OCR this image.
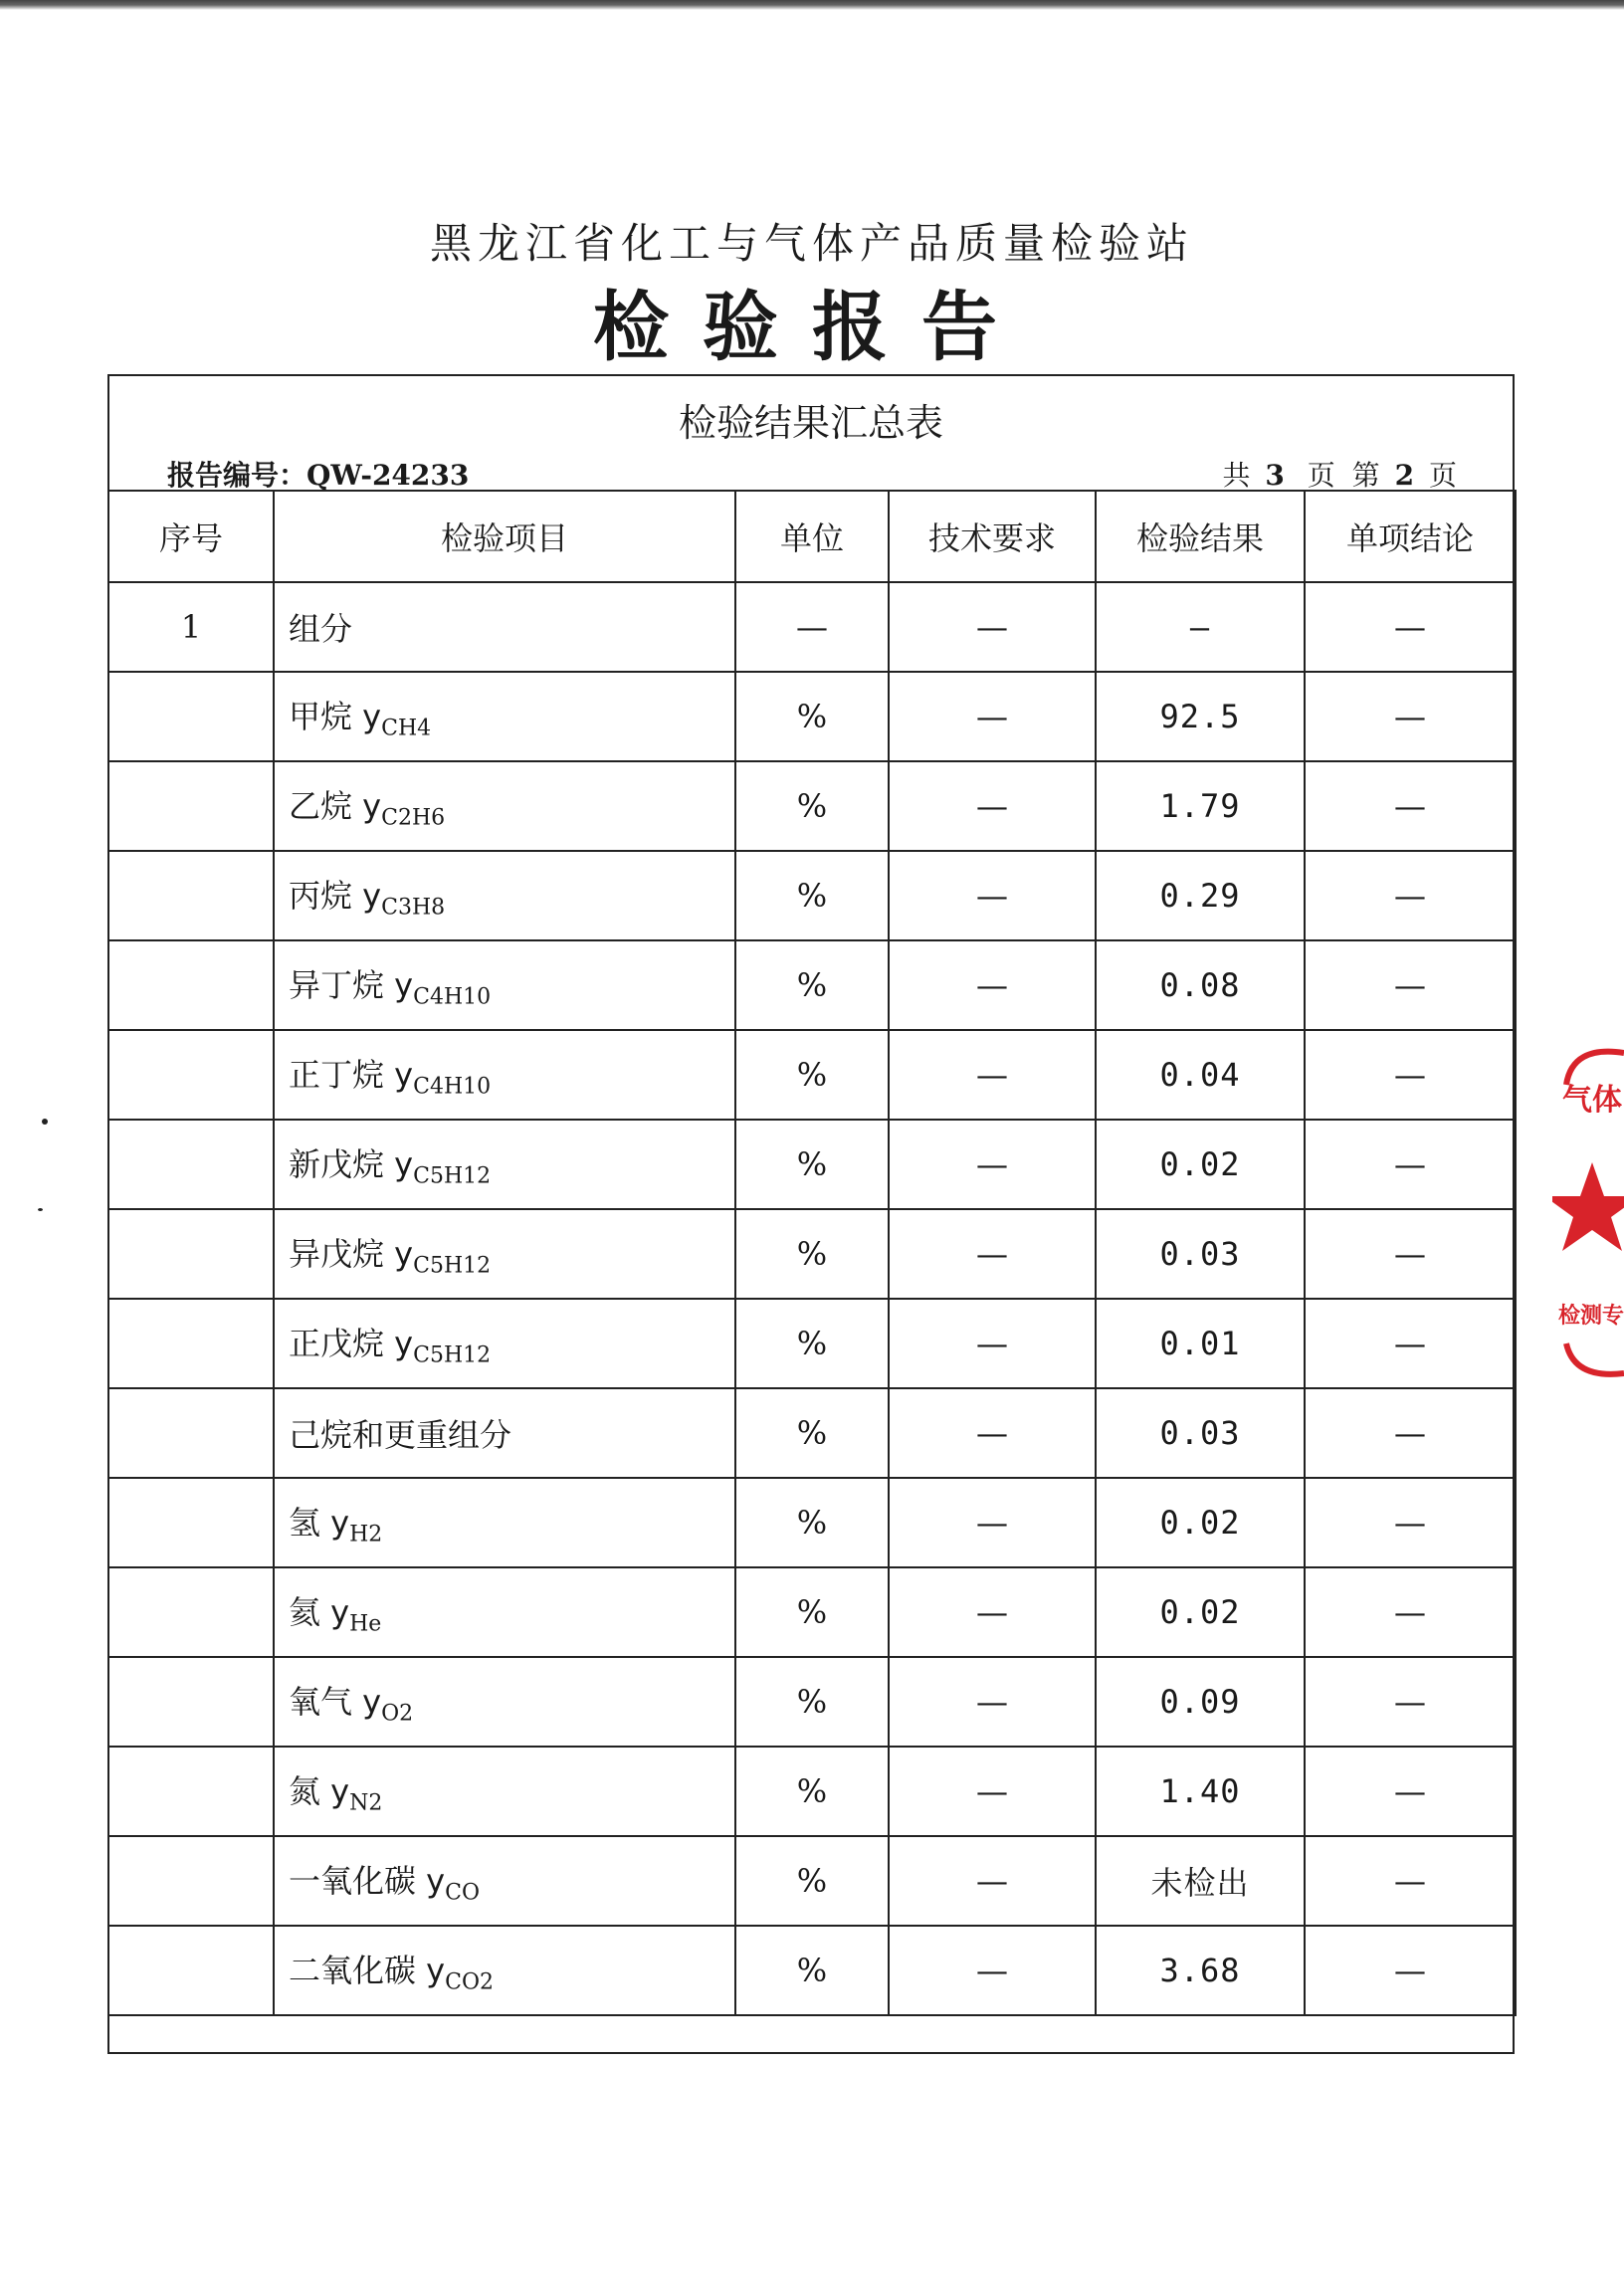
黑龙江省化工与气体产品质量检验站
检验报告
检验结果汇总表
报告编号：QW-24233	共 3 页 第 2 页
序号	检验项目	单位	技术要求	检验结果	单项结论
1	组分	—	—	—	—
	甲烷 $y_{CH4}$	%	—	92.5	—
	乙烷 $y_{C2H6}$	%	—	1.79	—
	丙烷 $y_{C3H8}$	%	—	0.29	—
	异丁烷 $y_{C4H10}$	%	—	0.08	—
	正丁烷 $y_{C4H10}$	%	—	0.04	—
	新戊烷 $y_{C5H12}$	%	—	0.02	—
	异戊烷 $y_{C5H12}$	%	—	0.03	—
	正戊烷 $y_{C5H12}$	%	—	0.01	—
	己烷和更重组分	%	—	0.03	—
	氢 $y_{H2}$	%	—	0.02	—
	氦 $y_{He}$	%	—	0.02	—
	氧气 $y_{O2}$	%	—	0.09	—
	氮 $y_{N2}$	%	—	1.40	—
	一氧化碳 $y_{CO}$	%	—	未检出	—
	二氧化碳 $y_{CO2}$	%	—	3.68	—
气体
检测专
